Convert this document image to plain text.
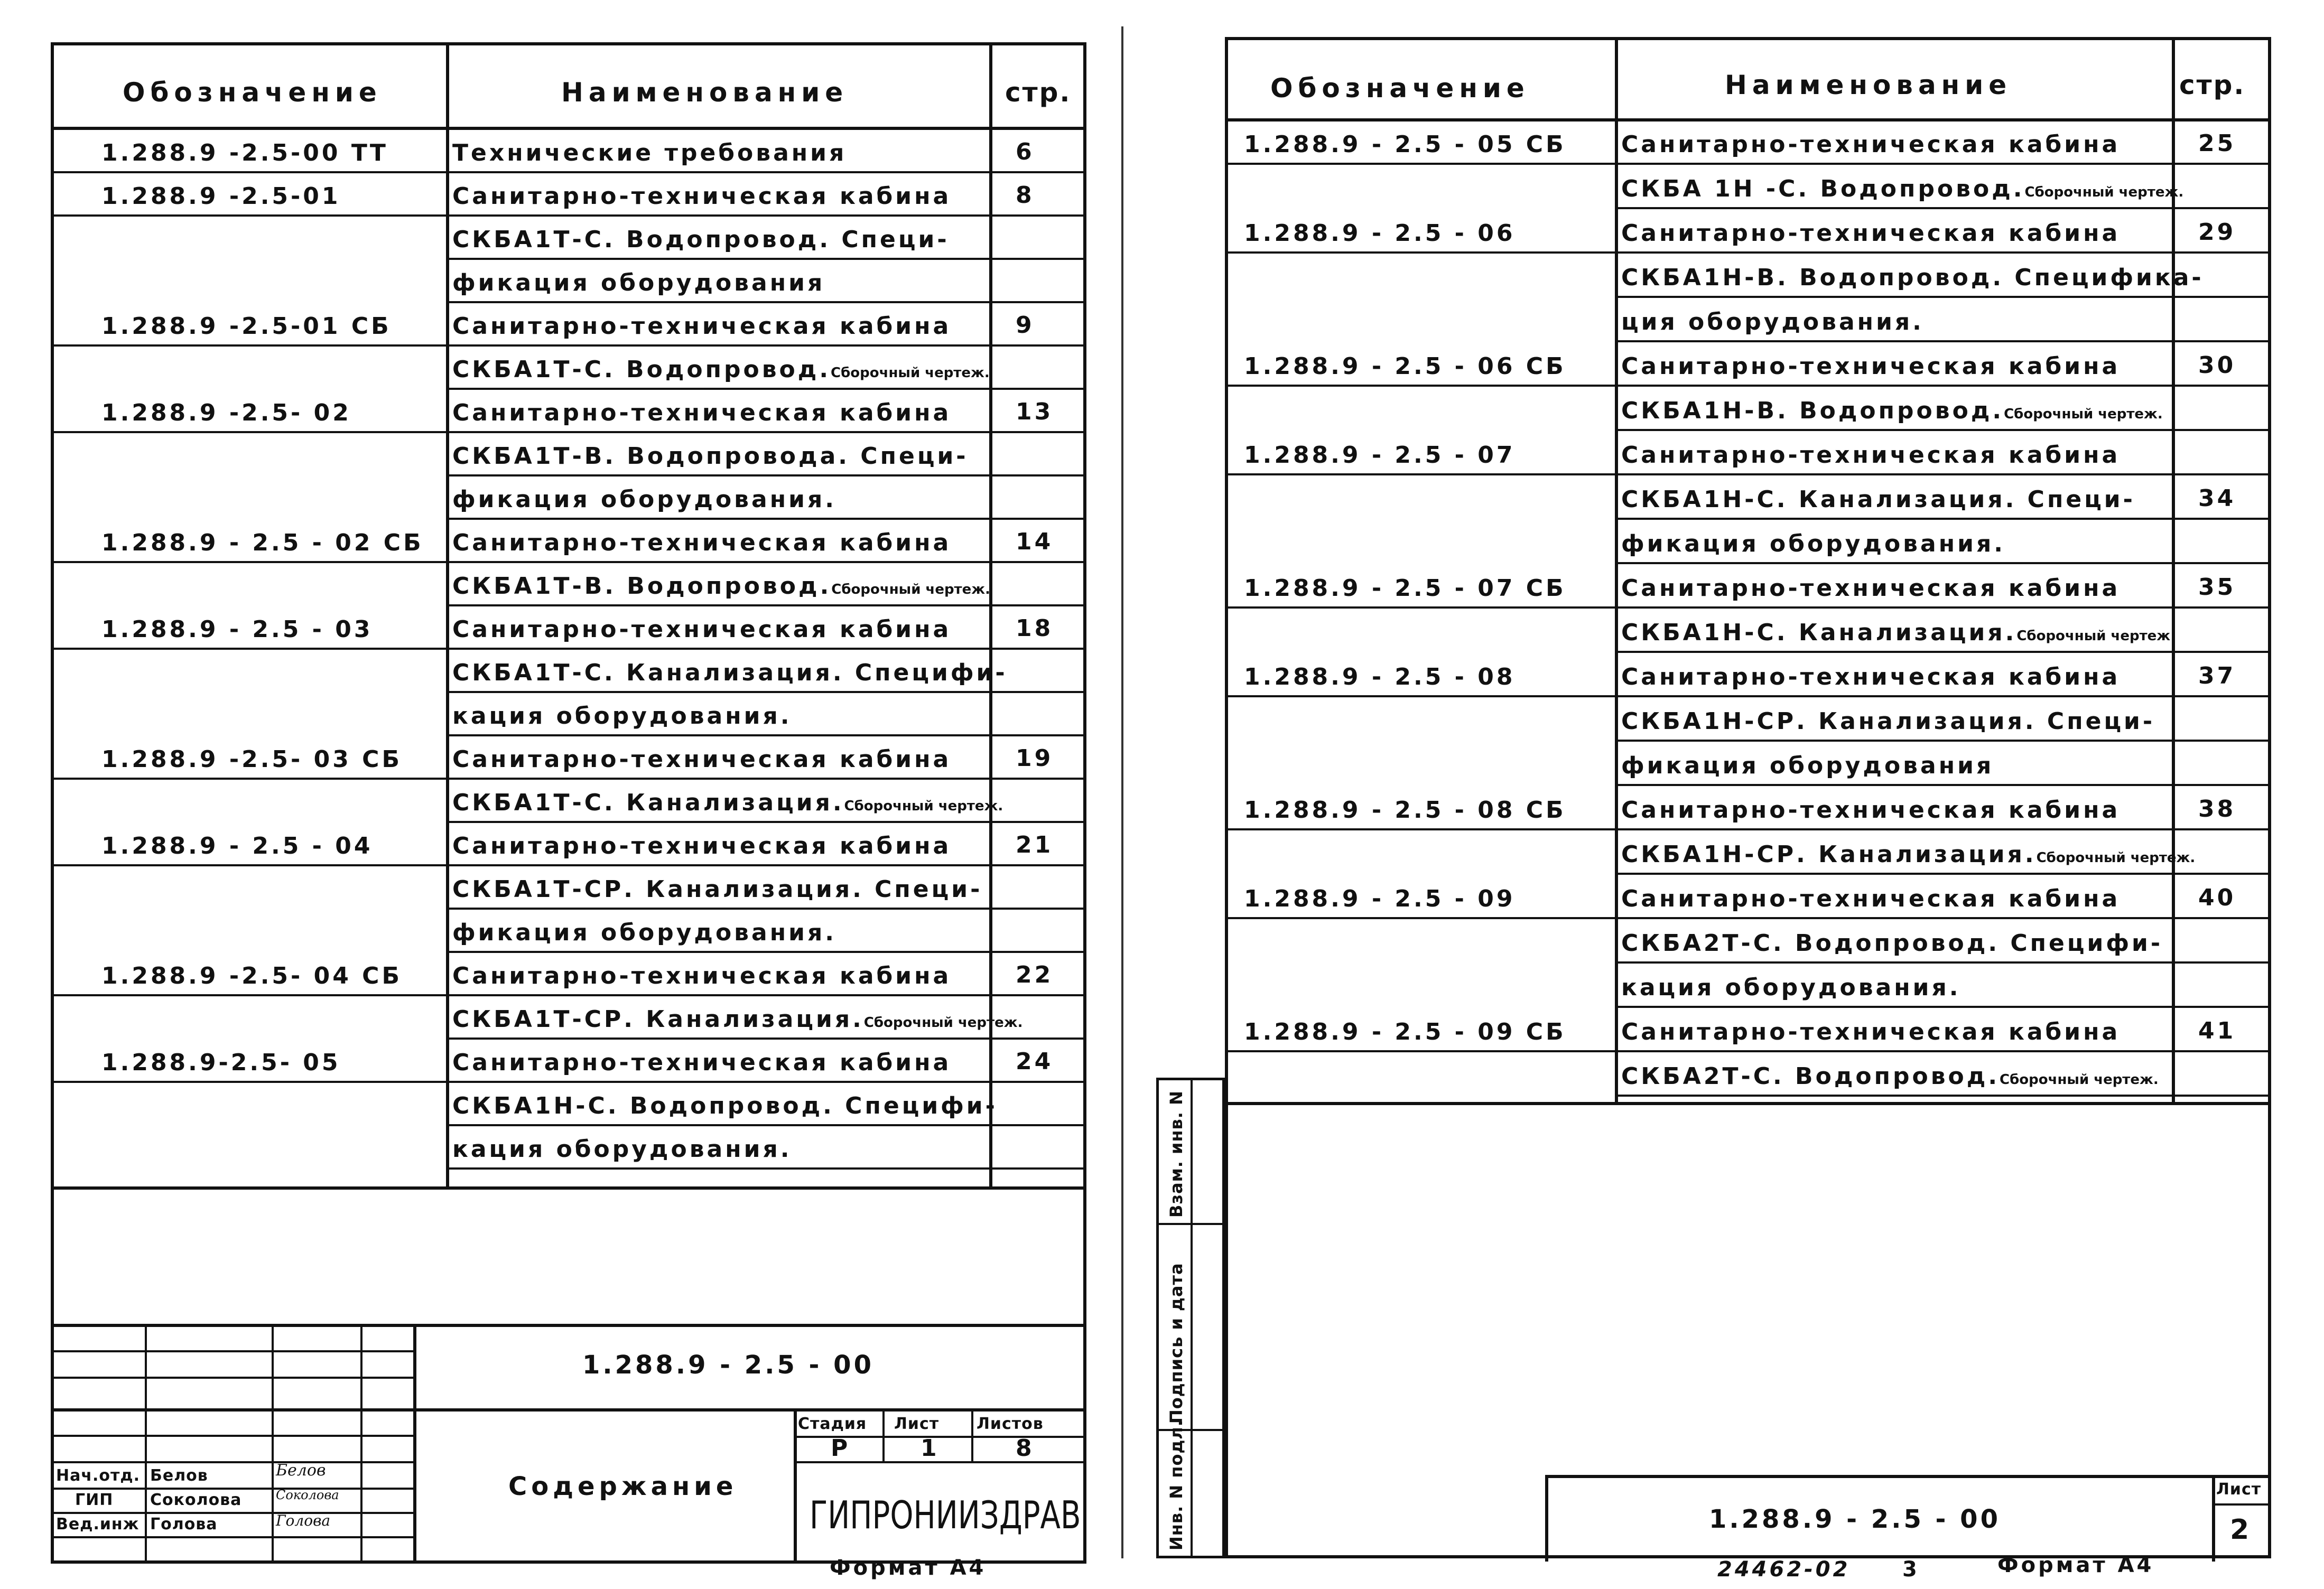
Обозначение	Наименование	стр.
1.288.9 -2.5-00 ТТ	Технические требования	6
1.288.9 -2.5-01	Санитарно-техническая кабина	8
СКБА1Т-С. Водопровод. Специ-
фикация оборудования
1.288.9 -2.5-01 СБ	Санитарно-техническая кабина	9
СКБА1Т-С. Водопровод.Сборочный чертеж.
1.288.9 -2.5- 02	Санитарно-техническая кабина	13
СКБА1Т-В. Водопровода. Специ-
фикация оборудования.
1.288.9 - 2.5 - 02 СБ Санитарно-техническая кабина	14
СКБА1Т-В. Водопровод.Сборочный чертеж.
1.288.9 - 2.5 - 03	Санитарно-техническая кабина	18
СКБА1Т-С. Канализация. Специфи-
кация оборудования.
1.288.9 -2.5- 03 СБ Санитарно-техническая кабина	19
СКБА1Т-С. Канализация.Сборочный чертеж.
1.288.9 - 2.5 - 04	Санитарно-техническая кабина	21
СКБА1Т-СР. Канализация. Специ-
фикация оборудования.
1.288.9 -2.5- 04 СБ Санитарно-техническая кабина	22
СКБА1Т-СР. Канализация.Сборочный чертеж.
1.288.9-2.5- 05	Санитарно-техническая кабина	24
СКБА1Н-С. Водопровод. Специфи-
кация оборудования.
1.288.9 - 2.5 - 00
Содержание
Стадия Лист Листов
Р	1	8
ГИПРОНИИЗДРАВ
Нач.отд. Белов	Белов
ГИП Соколова	Соколова
Вед.инж Голова	Голова
Формат А4
Обозначение	Наименование	стр.
1.288.9 - 2.5 - 05 СБ Санитарно-техническая кабина	25
СКБА 1Н -С. Водопровод.Сборочный чертеж.
1.288.9 - 2.5 - 06	Санитарно-техническая кабина	29
СКБА1Н-В. Водопровод. Специфика-
ция оборудования.
1.288.9 - 2.5 - 06 СБ Санитарно-техническая кабина	30
СКБА1Н-В. Водопровод.Сборочный чертеж.
1.288.9 - 2.5 - 07	Санитарно-техническая кабина
СКБА1Н-С. Канализация. Специ-	34
фикация оборудования.
1.288.9 - 2.5 - 07 СБ Санитарно-техническая кабина	35
СКБА1Н-С. Канализация.Сборочный чертеж
1.288.9 - 2.5 - 08	Санитарно-техническая кабина	37
СКБА1Н-СР. Канализация. Специ-
фикация оборудования
1.288.9 - 2.5 - 08 СБ Санитарно-техническая кабина	38
СКБА1Н-СР. Канализация.Сборочный чертеж.
1.288.9 - 2.5 - 09	Санитарно-техническая кабина	40
СКБА2Т-С. Водопровод. Специфи-
кация оборудования.
1.288.9 - 2.5 - 09 СБ Санитарно-техническая кабина	41
СКБА2Т-С. Водопровод.Сборочный чертеж.
1.288.9 - 2.5 - 00
Лист
2
Взам. инв. N
Подпись и дата
Инв. N подл.
24462-02 3	Формат А4
